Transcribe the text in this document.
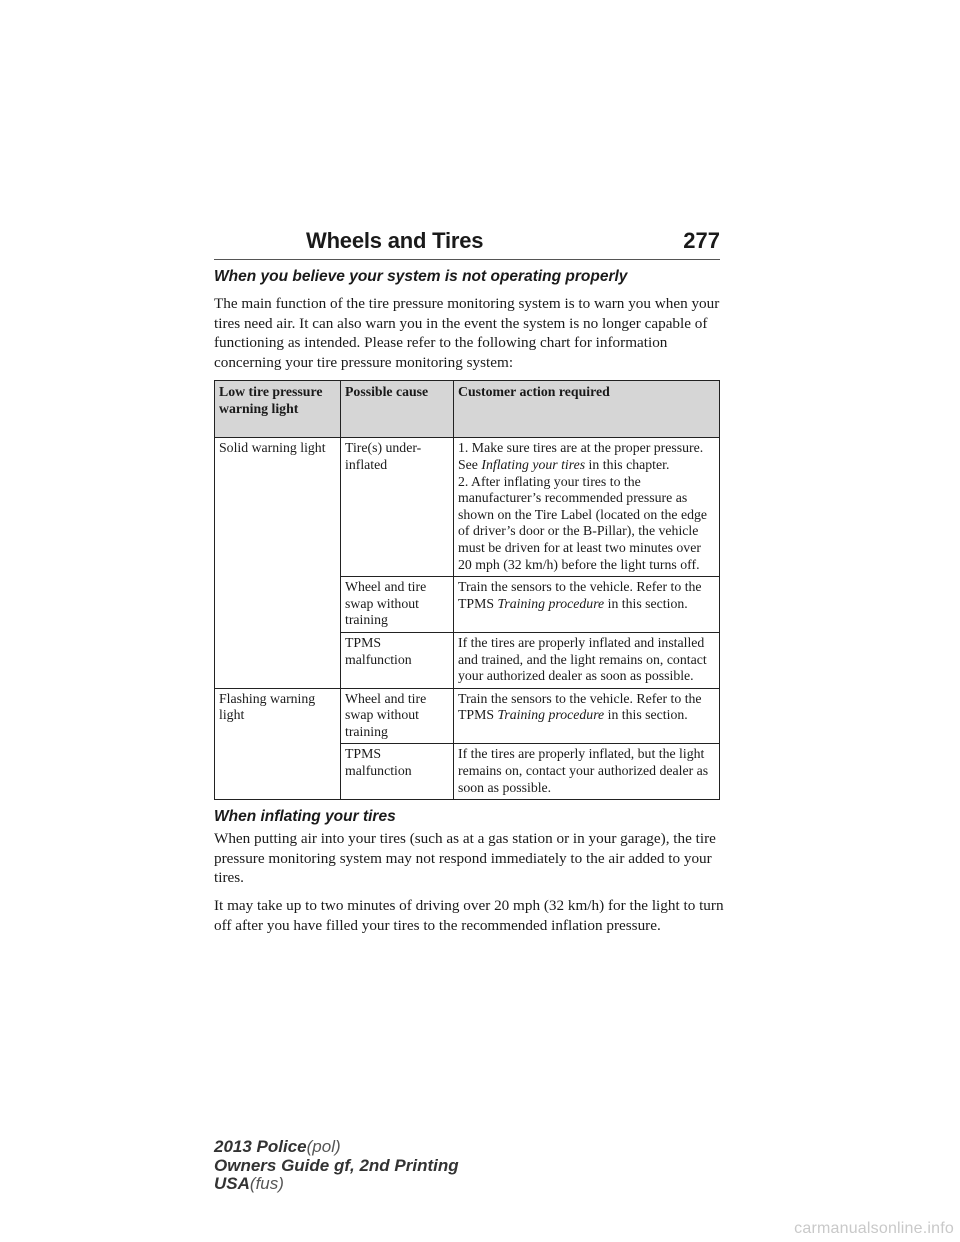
Wheels and Tires	277
When you believe your system is not operating properly

The main function of the tire pressure monitoring system is to warn you when your tires need air. It can also warn you in the event the system is no longer capable of functioning as intended. Please refer to the following chart for information concerning your tire pressure monitoring system:

Low tire pressure warning light	Possible cause	Customer action required
Solid warning light	Tire(s) under-inflated	1. Make sure tires are at the proper pressure. See Inflating your tires in this chapter.
2. After inflating your tires to the manufacturer’s recommended pressure as shown on the Tire Label (located on the edge of driver’s door or the B-Pillar), the vehicle must be driven for at least two minutes over 20 mph (32 km/h) before the light turns off.
	Wheel and tire swap without training	Train the sensors to the vehicle. Refer to the TPMS Training procedure in this section.
	TPMS malfunction	If the tires are properly inflated and installed and trained, and the light remains on, contact your authorized dealer as soon as possible.
Flashing warning light	Wheel and tire swap without training	Train the sensors to the vehicle. Refer to the TPMS Training procedure in this section.
	TPMS malfunction	If the tires are properly inflated, but the light remains on, contact your authorized dealer as soon as possible.
When inflating your tires

When putting air into your tires (such as at a gas station or in your garage), the tire pressure monitoring system may not respond immediately to the air added to your tires.

It may take up to two minutes of driving over 20 mph (32 km/h) for the light to turn off after you have filled your tires to the recommended inflation pressure.

2013 Police(pol)
Owners Guide gf, 2nd Printing
USA(fus)
carmanualsonline.info
